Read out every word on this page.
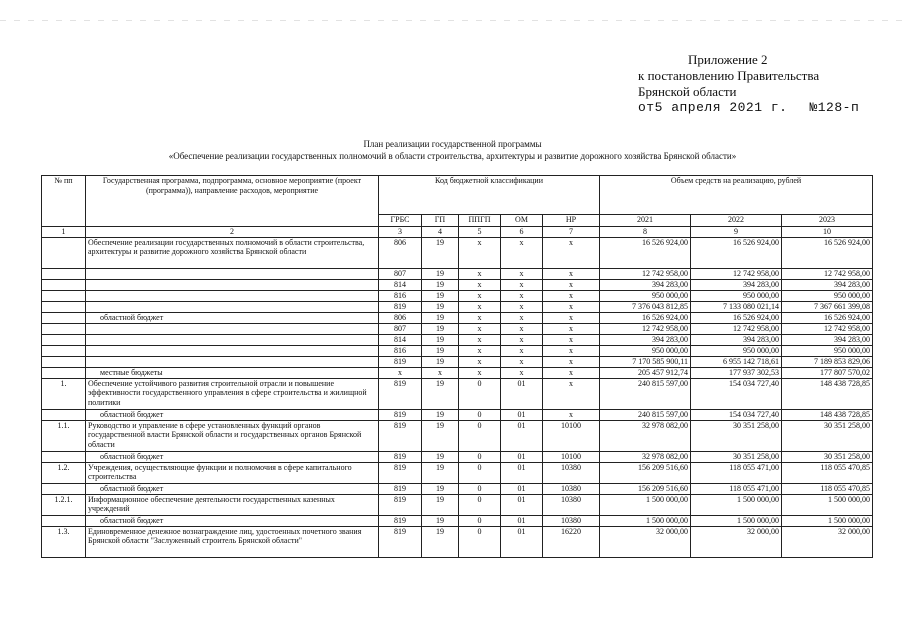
Приложение 2
к постановлению Правительства
Брянской области
от5 апреля 2021 г. №128-п
План реализации государственной программы
«Обеспечение реализации государственных полномочий в области строительства, архитектуры и развитие дорожного хозяйства Брянской области»
№ пп	Государственная программа, подпрограмма, основное мероприятие (проект (программа)), направление расходов, мероприятие	Код бюджетной классификации					Объем средств на реализацию, рублей		
		ГРБС	ГП	ППГП	ОМ	НР	2021	2022	2023
1	2	3	4	5	6	7	8	9	10
	Обеспечение реализации государственных полномочий в области строительства, архитектуры и развитие дорожного хозяйства Брянской области	806	19	х	х	х	16 526 924,00	16 526 924,00	16 526 924,00
		807	19	х	х	х	12 742 958,00	12 742 958,00	12 742 958,00
		814	19	х	х	х	394 283,00	394 283,00	394 283,00
		816	19	х	х	х	950 000,00	950 000,00	950 000,00
		819	19	х	х	х	7 376 043 812,85	7 133 080 021,14	7 367 661 399,08
	областной бюджет	806	19	х	х	х	16 526 924,00	16 526 924,00	16 526 924,00
		807	19	х	х	х	12 742 958,00	12 742 958,00	12 742 958,00
		814	19	х	х	х	394 283,00	394 283,00	394 283,00
		816	19	х	х	х	950 000,00	950 000,00	950 000,00
		819	19	х	х	х	7 170 585 900,11	6 955 142 718,61	7 189 853 829,06
	местные бюджеты	х	х	х	х	х	205 457 912,74	177 937 302,53	177 807 570,02
1.	Обеспечение устойчивого развития строительной отрасли и повышение эффективности государственного управления в сфере строительства и жилищной политики	819	19	0	01	х	240 815 597,00	154 034 727,40	148 438 728,85
	областной бюджет	819	19	0	01	х	240 815 597,00	154 034 727,40	148 438 728,85
1.1.	Руководство и управление в сфере установленных функций органов государственной власти Брянской области и государственных органов Брянской области	819	19	0	01	10100	32 978 082,00	30 351 258,00	30 351 258,00
	областной бюджет	819	19	0	01	10100	32 978 082,00	30 351 258,00	30 351 258,00
1.2.	Учреждения, осуществляющие функции и полномочия в сфере капитального строительства	819	19	0	01	10380	156 209 516,60	118 055 471,00	118 055 470,85
	областной бюджет	819	19	0	01	10380	156 209 516,60	118 055 471,00	118 055 470,85
1.2.1.	Информационное обеспечение деятельности государственных казенных учреждений	819	19	0	01	10380	1 500 000,00	1 500 000,00	1 500 000,00
	областной бюджет	819	19	0	01	10380	1 500 000,00	1 500 000,00	1 500 000,00
1.3.	Единовременное денежное вознаграждение лиц, удостоенных почетного звания Брянской области "Заслуженный строитель Брянской области"	819	19	0	01	16220	32 000,00	32 000,00	32 000,00
